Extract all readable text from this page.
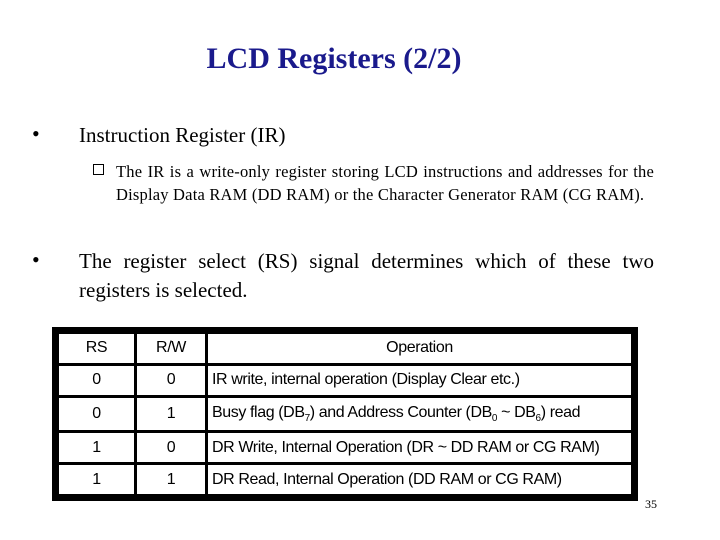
LCD Registers (2/2)
• Instruction Register (IR)
The IR is a write-only register storing LCD instructions and addresses for the Display Data RAM (DD RAM) or the Character Generator RAM (CG RAM).
•	The register select (RS) signal determines which of these two registers is selected.
RS	R/W	Operation
0	0	IR write, internal operation (Display Clear etc.)
0	1	Busy flag $(DB_7)$ and Address Counter ($DB_0$ ~ $DB_6$) read
1	0	DR Write, Internal Operation (DR ~ DD RAM or CG RAM)
1	1	DR Read, Internal Operation (DD RAM or CG RAM)
35
